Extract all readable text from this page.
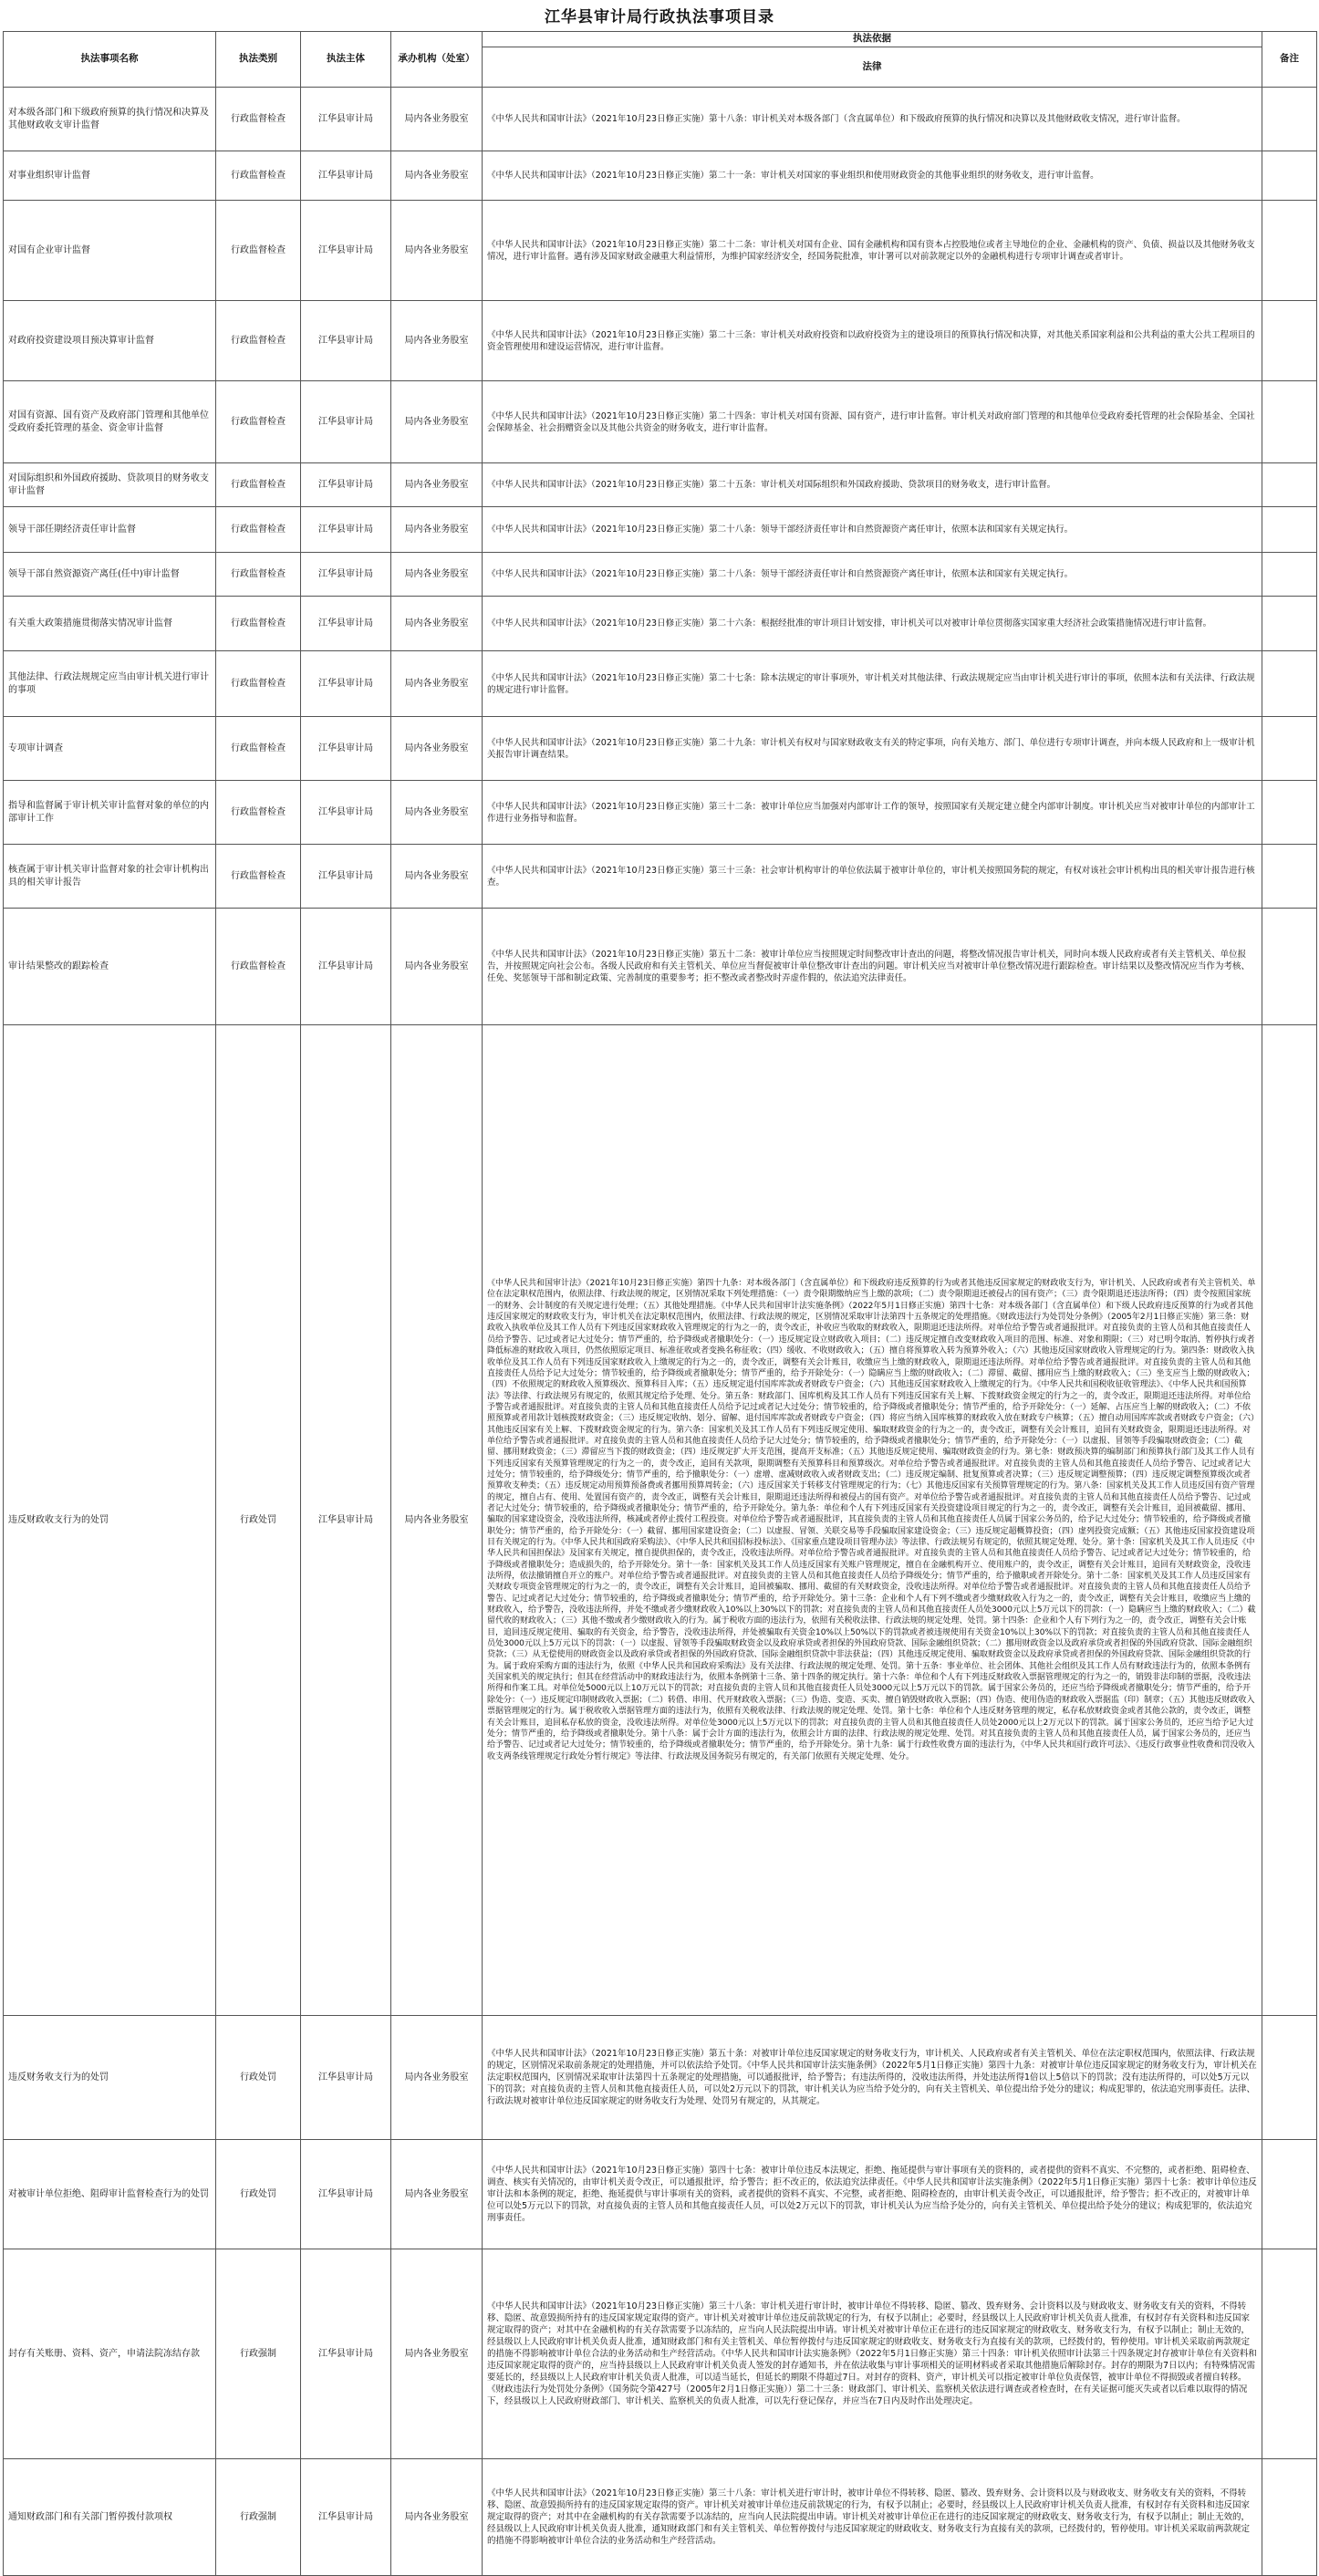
江华县审计局行政执法事项目录
执法事项名称	执法类别	执法主体	承办机构（处室）	执法依据	备注
				法律	
对本级各部门和下级政府预算的执行情况和决算及其他财政收支审计监督	行政监督检查	江华县审计局	局内各业务股室	《中华人民共和国审计法》（2021年10月23日修正实施）第十八条：审计机关对本级各部门（含直属单位）和下级政府预算的执行情况和决算以及其他财政收支情况，进行审计监督。	
对事业组织审计监督	行政监督检查	江华县审计局	局内各业务股室	《中华人民共和国审计法》（2021年10月23日修正实施）第二十一条：审计机关对国家的事业组织和使用财政资金的其他事业组织的财务收支，进行审计监督。	
对国有企业审计监督	行政监督检查	江华县审计局	局内各业务股室	《中华人民共和国审计法》（2021年10月23日修正实施）第二十二条：审计机关对国有企业、国有金融机构和国有资本占控股地位或者主导地位的企业、金融机构的资产、负债、损益以及其他财务收支情况，进行审计监督。遇有涉及国家财政金融重大利益情形，为维护国家经济安全，经国务院批准，审计署可以对前款规定以外的金融机构进行专项审计调查或者审计。	
对政府投资建设项目预决算审计监督	行政监督检查	江华县审计局	局内各业务股室	《中华人民共和国审计法》（2021年10月23日修正实施）第二十三条：审计机关对政府投资和以政府投资为主的建设项目的预算执行情况和决算，对其他关系国家利益和公共利益的重大公共工程项目的资金管理使用和建设运营情况，进行审计监督。	
对国有资源、国有资产及政府部门管理和其他单位受政府委托管理的基金、资金审计监督	行政监督检查	江华县审计局	局内各业务股室	《中华人民共和国审计法》（2021年10月23日修正实施）第二十四条：审计机关对国有资源、国有资产，进行审计监督。审计机关对政府部门管理的和其他单位受政府委托管理的社会保险基金、全国社会保障基金、社会捐赠资金以及其他公共资金的财务收支，进行审计监督。	
对国际组织和外国政府援助、贷款项目的财务收支审计监督	行政监督检查	江华县审计局	局内各业务股室	《中华人民共和国审计法》（2021年10月23日修正实施）第二十五条：审计机关对国际组织和外国政府援助、贷款项目的财务收支，进行审计监督。	
领导干部任期经济责任审计监督	行政监督检查	江华县审计局	局内各业务股室	《中华人民共和国审计法》（2021年10月23日修正实施）第二十八条：领导干部经济责任审计和自然资源资产离任审计，依照本法和国家有关规定执行。	
领导干部自然资源资产离任(任中)审计监督	行政监督检查	江华县审计局	局内各业务股室	《中华人民共和国审计法》（2021年10月23日修正实施）第二十八条：领导干部经济责任审计和自然资源资产离任审计，依照本法和国家有关规定执行。	
有关重大政策措施贯彻落实情况审计监督	行政监督检查	江华县审计局	局内各业务股室	《中华人民共和国审计法》（2021年10月23日修正实施）第二十六条：根据经批准的审计项目计划安排，审计机关可以对被审计单位贯彻落实国家重大经济社会政策措施情况进行审计监督。	
其他法律、行政法规规定应当由审计机关进行审计的事项	行政监督检查	江华县审计局	局内各业务股室	《中华人民共和国审计法》（2021年10月23日修正实施）第二十七条：除本法规定的审计事项外，审计机关对其他法律、行政法规规定应当由审计机关进行审计的事项，依照本法和有关法律、行政法规的规定进行审计监督。	
专项审计调查	行政监督检查	江华县审计局	局内各业务股室	《中华人民共和国审计法》（2021年10月23日修正实施）第二十九条：审计机关有权对与国家财政收支有关的特定事项，向有关地方、部门、单位进行专项审计调查，并向本级人民政府和上一级审计机关报告审计调查结果。	
指导和监督属于审计机关审计监督对象的单位的内部审计工作	行政监督检查	江华县审计局	局内各业务股室	《中华人民共和国审计法》（2021年10月23日修正实施）第三十二条：被审计单位应当加强对内部审计工作的领导，按照国家有关规定建立健全内部审计制度。审计机关应当对被审计单位的内部审计工作进行业务指导和监督。	
核查属于审计机关审计监督对象的社会审计机构出具的相关审计报告	行政监督检查	江华县审计局	局内各业务股室	《中华人民共和国审计法》（2021年10月23日修正实施）第三十三条：社会审计机构审计的单位依法属于被审计单位的，审计机关按照国务院的规定，有权对该社会审计机构出具的相关审计报告进行核查。	
审计结果整改的跟踪检查	行政监督检查	江华县审计局	局内各业务股室	《中华人民共和国审计法》（2021年10月23日修正实施）第五十二条：被审计单位应当按照规定时间整改审计查出的问题，将整改情况报告审计机关，同时向本级人民政府或者有关主管机关、单位报告，并按照规定向社会公布。各级人民政府和有关主管机关、单位应当督促被审计单位整改审计查出的问题。审计机关应当对被审计单位整改情况进行跟踪检查。审计结果以及整改情况应当作为考核、任免、奖惩领导干部和制定政策、完善制度的重要参考；拒不整改或者整改时弄虚作假的，依法追究法律责任。	
违反财政收支行为的处罚	行政处罚	江华县审计局	局内各业务股室	《中华人民共和国审计法》（2021年10月23日修正实施）第四十九条：对本级各部门（含直属单位）和下级政府违反预算的行为或者其他违反国家规定的财政收支行为，审计机关、人民政府或者有关主管机关、单位在法定职权范围内，依照法律、行政法规的规定，区别情况采取下列处理措施：（一）责令限期缴纳应当上缴的款项；（二）责令限期退还被侵占的国有资产；（三）责令限期退还违法所得；（四）责令按照国家统一的财务、会计制度的有关规定进行处理；（五）其他处理措施。《中华人民共和国审计法实施条例》（2022年5月1日修正实施）第四十七条：对本级各部门（含直属单位）和下级人民政府违反预算的行为或者其他违反国家规定的财政收支行为，审计机关在法定职权范围内，依照法律、行政法规的规定，区别情况采取审计法第四十五条规定的处理措施。《财政违法行为处罚处分条例》（2005年2月1日修正实施）第三条：财政收入执收单位及其工作人员有下列违反国家财政收入管理规定的行为之一的，责令改正，补收应当收取的财政收入，限期退还违法所得。对单位给予警告或者通报批评。对直接负责的主管人员和其他直接责任人员给予警告、记过或者记大过处分；情节严重的，给予降级或者撤职处分：（一）违反规定设立财政收入项目；（二）违反规定擅自改变财政收入项目的范围、标准、对象和期限；（三）对已明令取消、暂停执行或者降低标准的财政收入项目，仍然依照原定项目、标准征收或者变换名称征收；（四）缓收、不收财政收入；（五）擅自将预算收入转为预算外收入；（六）其他违反国家财政收入管理规定的行为。第四条：财政收入执收单位及其工作人员有下列违反国家财政收入上缴规定的行为之一的，责令改正，调整有关会计账目，收缴应当上缴的财政收入，限期退还违法所得。对单位给予警告或者通报批评。对直接负责的主管人员和其他直接责任人员给予记大过处分；情节较重的，给予降级或者撤职处分；情节严重的，给予开除处分：（一）隐瞒应当上缴的财政收入；（二）滞留、截留、挪用应当上缴的财政收入；（三）坐支应当上缴的财政收入；（四）不依照规定的财政收入预算级次、预算科目入库；（五）违反规定退付国库库款或者财政专户资金；（六）其他违反国家财政收入上缴规定的行为。《中华人民共和国税收征收管理法》、《中华人民共和国预算法》等法律、行政法规另有规定的，依照其规定给予处理、处分。第五条：财政部门、国库机构及其工作人员有下列违反国家有关上解、下拨财政资金规定的行为之一的，责令改正，限期退还违法所得。对单位给予警告或者通报批评。对直接负责的主管人员和其他直接责任人员给予记过或者记大过处分；情节较重的，给予降级或者撤职处分；情节严重的，给予开除处分：（一）延解、占压应当上解的财政收入；（二）不依照预算或者用款计划核拨财政资金；（三）违反规定收纳、划分、留解、退付国库库款或者财政专户资金；（四）将应当纳入国库核算的财政收入放在财政专户核算；（五）擅自动用国库库款或者财政专户资金；（六）其他违反国家有关上解、下拨财政资金规定的行为。第六条：国家机关及其工作人员有下列违反规定使用、骗取财政资金的行为之一的，责令改正，调整有关会计账目，追回有关财政资金，限期退还违法所得。对单位给予警告或者通报批评。对直接负责的主管人员和其他直接责任人员给予记大过处分；情节较重的，给予降级或者撤职处分；情节严重的，给予开除处分：（一）以虚报、冒领等手段骗取财政资金；（二）截留、挪用财政资金；（三）滞留应当下拨的财政资金；（四）违反规定扩大开支范围，提高开支标准；（五）其他违反规定使用、骗取财政资金的行为。第七条：财政预决算的编制部门和预算执行部门及其工作人员有下列违反国家有关预算管理规定的行为之一的，责令改正，追回有关款项，限期调整有关预算科目和预算级次。对单位给予警告或者通报批评。对直接负责的主管人员和其他直接责任人员给予警告、记过或者记大过处分；情节较重的，给予降级处分；情节严重的，给予撤职处分：（一）虚增、虚减财政收入或者财政支出；（二）违反规定编制、批复预算或者决算；（三）违反规定调整预算；（四）违反规定调整预算级次或者预算收支种类；（五）违反规定动用预算预备费或者挪用预算周转金；（六）违反国家关于转移支付管理规定的行为；（七）其他违反国家有关预算管理规定的行为。第八条：国家机关及其工作人员违反国有资产管理的规定，擅自占有、使用、处置国有资产的，责令改正，调整有关会计账目，限期退还违法所得和被侵占的国有资产。对单位给予警告或者通报批评。对直接负责的主管人员和其他直接责任人员给予警告、记过或者记大过处分；情节较重的，给予降级或者撤职处分；情节严重的，给予开除处分。第九条：单位和个人有下列违反国家有关投资建设项目规定的行为之一的，责令改正，调整有关会计账目，追回被截留、挪用、骗取的国家建设资金，没收违法所得，核减或者停止拨付工程投资。对单位给予警告或者通报批评，其直接负责的主管人员和其他直接责任人员属于国家公务员的，给予记大过处分；情节较重的，给予降级或者撤职处分；情节严重的，给予开除处分：（一）截留、挪用国家建设资金；（二）以虚报、冒领、关联交易等手段骗取国家建设资金；（三）违反规定超概算投资；（四）虚列投资完成额；（五）其他违反国家投资建设项目有关规定的行为。《中华人民共和国政府采购法》、《中华人民共和国招标投标法》、《国家重点建设项目管理办法》等法律、行政法规另有规定的，依照其规定处理、处分。第十条：国家机关及其工作人员违反《中华人民共和国担保法》及国家有关规定，擅自提供担保的，责令改正，没收违法所得。对单位给予警告或者通报批评。对直接负责的主管人员和其他直接责任人员给予警告、记过或者记大过处分；情节较重的，给予降级或者撤职处分；造成损失的，给予开除处分。第十一条：国家机关及其工作人员违反国家有关账户管理规定，擅自在金融机构开立、使用账户的，责令改正，调整有关会计账目，追回有关财政资金，没收违法所得，依法撤销擅自开立的账户。对单位给予警告或者通报批评。对直接负责的主管人员和其他直接责任人员给予降级处分；情节严重的，给予撤职或者开除处分。第十二条：国家机关及其工作人员违反国家有关财政专项资金管理规定的行为之一的，责令改正，调整有关会计账目，追回被骗取、挪用、截留的有关财政资金，没收违法所得。对单位给予警告或者通报批评。对直接负责的主管人员和其他直接责任人员给予警告、记过或者记大过处分；情节较重的，给予降级或者撤职处分；情节严重的，给予开除处分。第十三条：企业和个人有下列不缴或者少缴财政收入行为之一的，责令改正，调整有关会计账目，收缴应当上缴的财政收入，给予警告，没收违法所得，并处不缴或者少缴财政收入10%以上30%以下的罚款；对直接负责的主管人员和其他直接责任人员处3000元以上5万元以下的罚款：（一）隐瞒应当上缴的财政收入；（二）截留代收的财政收入；（三）其他不缴或者少缴财政收入的行为。属于税收方面的违法行为，依照有关税收法律、行政法规的规定处理、处罚。第十四条：企业和个人有下列行为之一的，责令改正，调整有关会计账目，追回违反规定使用、骗取的有关资金，给予警告，没收违法所得，并处被骗取有关资金10%以上50%以下的罚款或者被违规使用有关资金10%以上30%以下的罚款；对直接负责的主管人员和其他直接责任人员处3000元以上5万元以下的罚款：（一）以虚报、冒领等手段骗取财政资金以及政府承贷或者担保的外国政府贷款、国际金融组织贷款；（二）挪用财政资金以及政府承贷或者担保的外国政府贷款、国际金融组织贷款；（三）从无偿使用的财政资金以及政府承贷或者担保的外国政府贷款、国际金融组织贷款中非法获益；（四）其他违反规定使用、骗取财政资金以及政府承贷或者担保的外国政府贷款、国际金融组织贷款的行为。属于政府采购方面的违法行为，依照《中华人民共和国政府采购法》及有关法律、行政法规的规定处理、处罚。第十五条：事业单位、社会团体、其他社会组织及其工作人员有财政违法行为的，依照本条例有关国家机关的规定执行；但其在经营活动中的财政违法行为，依照本条例第十三条、第十四条的规定执行。第十六条：单位和个人有下列违反财政收入票据管理规定的行为之一的，销毁非法印制的票据，没收违法所得和作案工具。对单位处5000元以上10万元以下的罚款；对直接负责的主管人员和其他直接责任人员处3000元以上5万元以下的罚款。属于国家公务员的，还应当给予降级或者撤职处分；情节严重的，给予开除处分：（一）违反规定印制财政收入票据；（二）转借、串用、代开财政收入票据；（三）伪造、变造、买卖、擅自销毁财政收入票据；（四）伪造、使用伪造的财政收入票据监（印）制章；（五）其他违反财政收入票据管理规定的行为。属于税收收入票据管理方面的违法行为，依照有关税收法律、行政法规的规定处理、处罚。第十七条：单位和个人违反财务管理的规定，私存私放财政资金或者其他公款的，责令改正，调整有关会计账目，追回私存私放的资金，没收违法所得。对单位处3000元以上5万元以下的罚款；对直接负责的主管人员和其他直接责任人员处2000元以上2万元以下的罚款。属于国家公务员的，还应当给予记大过处分；情节严重的，给予降级或者撤职处分。第十八条：属于会计方面的违法行为，依照会计方面的法律、行政法规的规定处理、处罚。对其直接负责的主管人员和其他直接责任人员，属于国家公务员的，还应当给予警告、记过或者记大过处分；情节较重的，给予降级或者撤职处分；情节严重的，给予开除处分。第十九条：属于行政性收费方面的违法行为，《中华人民共和国行政许可法》、《违反行政事业性收费和罚没收入收支两条线管理规定行政处分暂行规定》等法律、行政法规及国务院另有规定的，有关部门依照有关规定处理、处分。	
违反财务收支行为的处罚	行政处罚	江华县审计局	局内各业务股室	《中华人民共和国审计法》（2021年10月23日修正实施）第五十条：对被审计单位违反国家规定的财务收支行为，审计机关、人民政府或者有关主管机关、单位在法定职权范围内，依照法律、行政法规的规定，区别情况采取前条规定的处理措施，并可以依法给予处罚。《中华人民共和国审计法实施条例》（2022年5月1日修正实施）第四十九条：对被审计单位违反国家规定的财务收支行为，审计机关在法定职权范围内，区别情况采取审计法第四十五条规定的处理措施，可以通报批评，给予警告；有违法所得的，没收违法所得，并处违法所得1倍以上5倍以下的罚款；没有违法所得的，可以处5万元以下的罚款；对直接负责的主管人员和其他直接责任人员，可以处2万元以下的罚款，审计机关认为应当给予处分的，向有关主管机关、单位提出给予处分的建议；构成犯罪的，依法追究刑事责任。法律、行政法规对被审计单位违反国家规定的财务收支行为处理、处罚另有规定的，从其规定。	
对被审计单位拒绝、阻碍审计监督检查行为的处罚	行政处罚	江华县审计局	局内各业务股室	《中华人民共和国审计法》（2021年10月23日修正实施）第四十七条：被审计单位违反本法规定，拒绝、拖延提供与审计事项有关的资料的，或者提供的资料不真实、不完整的，或者拒绝、阻碍检查、调查、核实有关情况的，由审计机关责令改正，可以通报批评，给予警告；拒不改正的，依法追究法律责任。《中华人民共和国审计法实施条例》（2022年5月1日修正实施）第四十七条：被审计单位违反审计法和本条例的规定，拒绝、拖延提供与审计事项有关的资料，或者提供的资料不真实、不完整，或者拒绝、阻碍检查的，由审计机关责令改正，可以通报批评，给予警告；拒不改正的，对被审计单位可以处5万元以下的罚款，对直接负责的主管人员和其他直接责任人员，可以处2万元以下的罚款，审计机关认为应当给予处分的，向有关主管机关、单位提出给予处分的建议；构成犯罪的，依法追究刑事责任。	
封存有关账册、资料、资产，申请法院冻结存款	行政强制	江华县审计局	局内各业务股室	《中华人民共和国审计法》（2021年10月23日修正实施）第三十八条：审计机关进行审计时，被审计单位不得转移、隐匿、篡改、毁弃财务、会计资料以及与财政收支、财务收支有关的资料，不得转移、隐匿、故意毁损所持有的违反国家规定取得的资产。审计机关对被审计单位违反前款规定的行为，有权予以制止；必要时，经县级以上人民政府审计机关负责人批准，有权封存有关资料和违反国家规定取得的资产；对其中在金融机构的有关存款需要予以冻结的，应当向人民法院提出申请。审计机关对被审计单位正在进行的违反国家规定的财政收支、财务收支行为，有权予以制止；制止无效的，经县级以上人民政府审计机关负责人批准，通知财政部门和有关主管机关、单位暂停拨付与违反国家规定的财政收支、财务收支行为直接有关的款项，已经拨付的，暂停使用。审计机关采取前两款规定的措施不得影响被审计单位合法的业务活动和生产经营活动。《中华人民共和国审计法实施条例》（2022年5月1日修正实施）第三十四条：审计机关依照审计法第三十四条规定封存被审计单位有关资料和违反国家规定取得的资产的，应当持县级以上人民政府审计机关负责人签发的封存通知书，并在依法收集与审计事项相关的证明材料或者采取其他措施后解除封存。封存的期限为7日以内；有特殊情况需要延长的，经县级以上人民政府审计机关负责人批准，可以适当延长，但延长的期限不得超过7日。对封存的资料、资产，审计机关可以指定被审计单位负责保管，被审计单位不得损毁或者擅自转移。《财政违法行为处罚处分条例》（国务院令第427号（2005年2月1日修正实施））第二十三条：财政部门、审计机关、监察机关依法进行调查或者检查时，在有关证据可能灭失或者以后难以取得的情况下，经县级以上人民政府财政部门、审计机关、监察机关的负责人批准，可以先行登记保存，并应当在7日内及时作出处理决定。	
通知财政部门和有关部门暂停拨付款项权	行政强制	江华县审计局	局内各业务股室	《中华人民共和国审计法》（2021年10月23日修正实施）第三十八条：审计机关进行审计时，被审计单位不得转移、隐匿、篡改、毁弃财务、会计资料以及与财政收支、财务收支有关的资料，不得转移、隐匿、故意毁损所持有的违反国家规定取得的资产。审计机关对被审计单位违反前款规定的行为，有权予以制止；必要时，经县级以上人民政府审计机关负责人批准，有权封存有关资料和违反国家规定取得的资产；对其中在金融机构的有关存款需要予以冻结的，应当向人民法院提出申请。审计机关对被审计单位正在进行的违反国家规定的财政收支、财务收支行为，有权予以制止；制止无效的，经县级以上人民政府审计机关负责人批准，通知财政部门和有关主管机关、单位暂停拨付与违反国家规定的财政收支、财务收支行为直接有关的款项，已经拨付的，暂停使用。审计机关采取前两款规定的措施不得影响被审计单位合法的业务活动和生产经营活动。	
